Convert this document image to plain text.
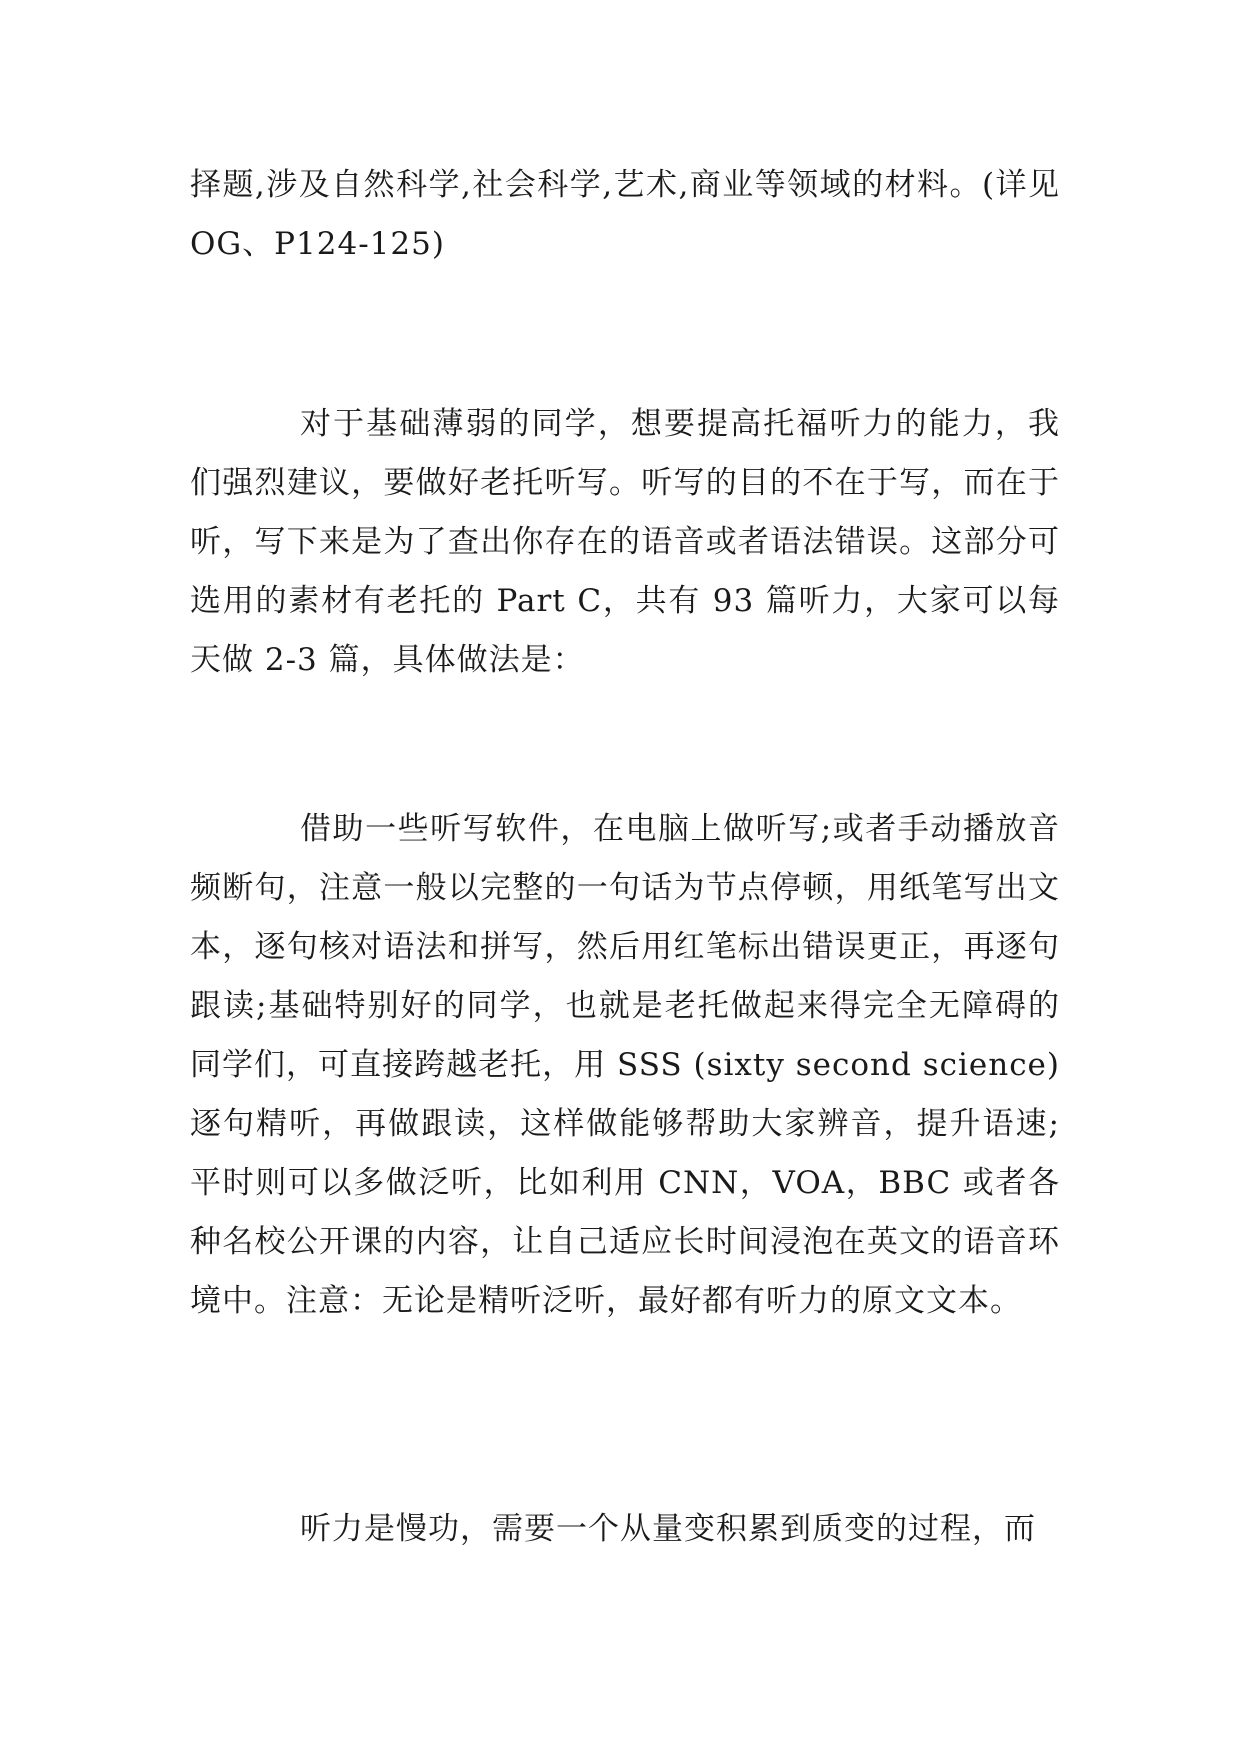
择题,涉及自然科学,社会科学,艺术,商业等领域的材料。(详见 OG、P124-125)

对于基础薄弱的同学，想要提高托福听力的能力，我们强烈建议，要做好老托听写。听写的目的不在于写，而在于听，写下来是为了查出你存在的语音或者语法错误。这部分可选用的素材有老托的 Part C，共有 93 篇听力，大家可以每天做 2-3 篇，具体做法是：

借助一些听写软件，在电脑上做听写;或者手动播放音频断句，注意一般以完整的一句话为节点停顿，用纸笔写出文本，逐句核对语法和拼写，然后用红笔标出错误更正，再逐句跟读;基础特别好的同学，也就是老托做起来得完全无障碍的同学们，可直接跨越老托，用 SSS (sixty second science) 逐句精听，再做跟读，这样做能够帮助大家辨音，提升语速;平时则可以多做泛听，比如利用 CNN，VOA，BBC 或者各种名校公开课的内容，让自己适应长时间浸泡在英文的语音环境中。注意：无论是精听泛听，最好都有听力的原文文本。

听力是慢功，需要一个从量变积累到质变的过程，而
